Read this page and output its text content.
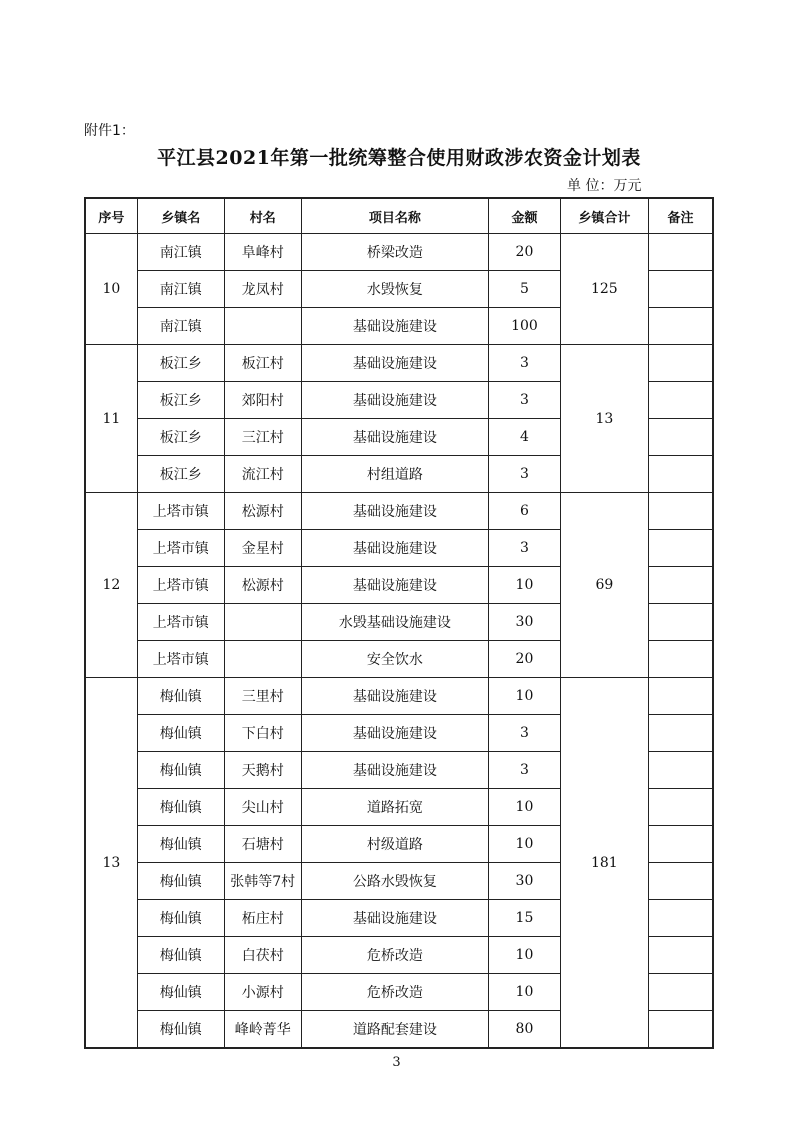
附件1：
平江县2021年第一批统筹整合使用财政涉农资金计划表
单 位：万元
序号	乡镇名	村名	项目名称	金额	乡镇合计	备注
10	南江镇	阜峰村	桥梁改造	20	125	
	南江镇	龙凤村	水毁恢复	5		
	南江镇		基础设施建设	100		
11	板江乡	板江村	基础设施建设	3	13	
	板江乡	郊阳村	基础设施建设	3		
	板江乡	三江村	基础设施建设	4		
	板江乡	流江村	村组道路	3		
12	上塔市镇	松源村	基础设施建设	6	69	
	上塔市镇	金星村	基础设施建设	3		
	上塔市镇	松源村	基础设施建设	10		
	上塔市镇		水毁基础设施建设	30		
	上塔市镇		安全饮水	20		
13	梅仙镇	三里村	基础设施建设	10	181	
	梅仙镇	下白村	基础设施建设	3		
	梅仙镇	天鹅村	基础设施建设	3		
	梅仙镇	尖山村	道路拓宽	10		
	梅仙镇	石塘村	村级道路	10		
	梅仙镇	张韩等7村	公路水毁恢复	30		
	梅仙镇	柘庄村	基础设施建设	15		
	梅仙镇	白茯村	危桥改造	10		
	梅仙镇	小源村	危桥改造	10		
	梅仙镇	峰岭菁华	道路配套建设	80		
3
